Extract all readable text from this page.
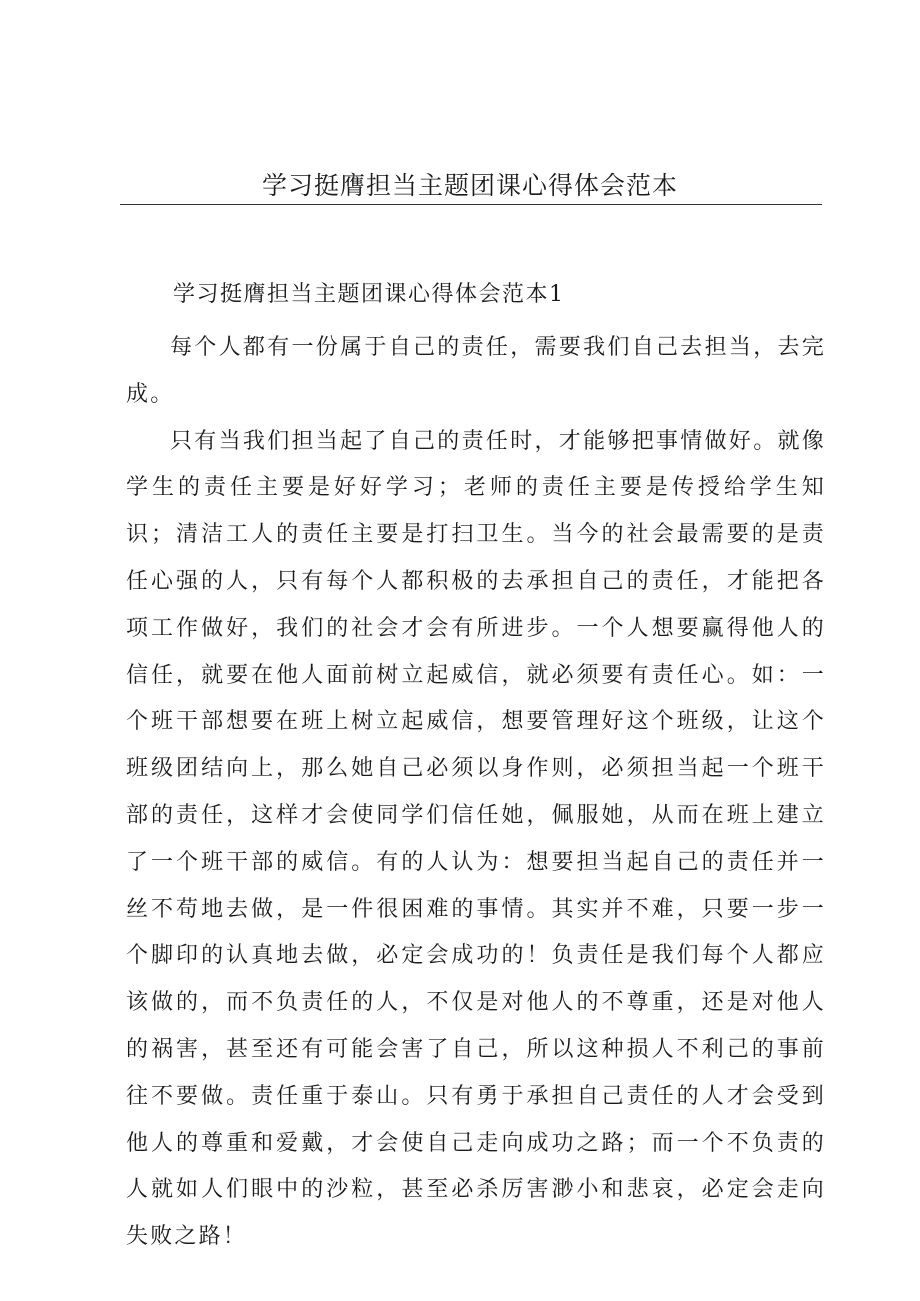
学习挺膺担当主题团课心得体会范本
学习挺膺担当主题团课心得体会范本1

每个人都有一份属于自己的责任，需要我们自己去担当，去完成。

只有当我们担当起了自己的责任时，才能够把事情做好。就像学生的责任主要是好好学习；老师的责任主要是传授给学生知识；清洁工人的责任主要是打扫卫生。当今的社会最需要的是责任心强的人，只有每个人都积极的去承担自己的责任，才能把各项工作做好，我们的社会才会有所进步。一个人想要赢得他人的信任，就要在他人面前树立起威信，就必须要有责任心。如：一个班干部想要在班上树立起威信，想要管理好这个班级，让这个班级团结向上，那么她自己必须以身作则，必须担当起一个班干部的责任，这样才会使同学们信任她，佩服她，从而在班上建立了一个班干部的威信。有的人认为：想要担当起自己的责任并一丝不苟地去做，是一件很困难的事情。其实并不难，只要一步一个脚印的认真地去做，必定会成功的！负责任是我们每个人都应该做的，而不负责任的人，不仅是对他人的不尊重，还是对他人的祸害，甚至还有可能会害了自己，所以这种损人不利己的事前往不要做。责任重于泰山。只有勇于承担自己责任的人才会受到他人的尊重和爱戴，才会使自己走向成功之路；而一个不负责的人就如人们眼中的沙粒，甚至必杀厉害渺小和悲哀，必定会走向失败之路！
